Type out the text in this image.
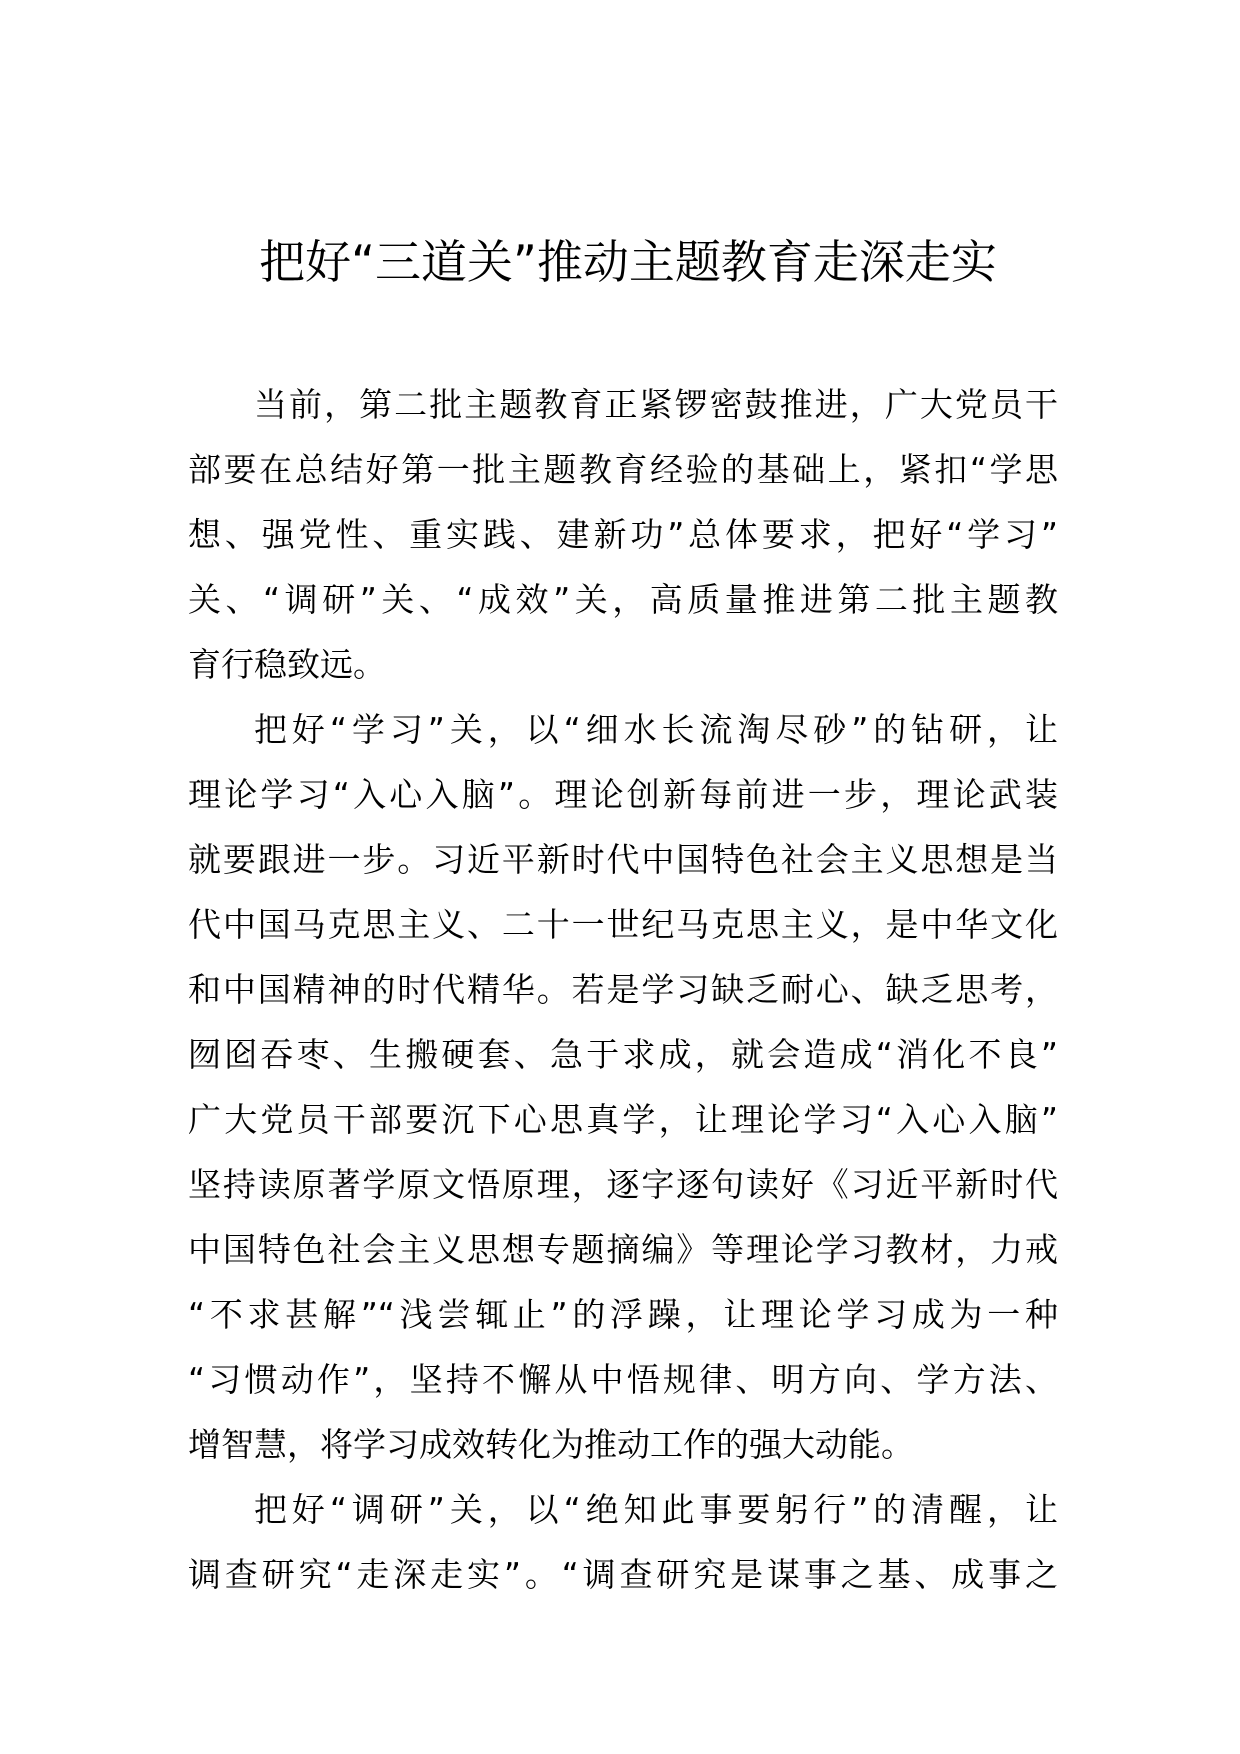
把好“三道关”推动主题教育走深走实
当前，第二批主题教育正紧锣密鼓推进，广大党员干
部要在总结好第一批主题教育经验的基础上，紧扣“学思
想、强党性、重实践、建新功”总体要求，把好“学习”
关、“调研”关、“成效”关，高质量推进第二批主题教
育行稳致远。
把好“学习”关，以“细水长流淘尽砂”的钻研，让
理论学习“入心入脑”。理论创新每前进一步，理论武装
就要跟进一步。习近平新时代中国特色社会主义思想是当
代中国马克思主义、二十一世纪马克思主义，是中华文化
和中国精神的时代精华。若是学习缺乏耐心、缺乏思考，
囫囵吞枣、生搬硬套、急于求成，就会造成“消化不良”
广大党员干部要沉下心思真学，让理论学习“入心入脑”
坚持读原著学原文悟原理，逐字逐句读好《习近平新时代
中国特色社会主义思想专题摘编》等理论学习教材，力戒
“不求甚解”“浅尝辄止”的浮躁，让理论学习成为一种
“习惯动作”，坚持不懈从中悟规律、明方向、学方法、
增智慧，将学习成效转化为推动工作的强大动能。
把好“调研”关，以“绝知此事要躬行”的清醒，让
调查研究“走深走实”。“调查研究是谋事之基、成事之
